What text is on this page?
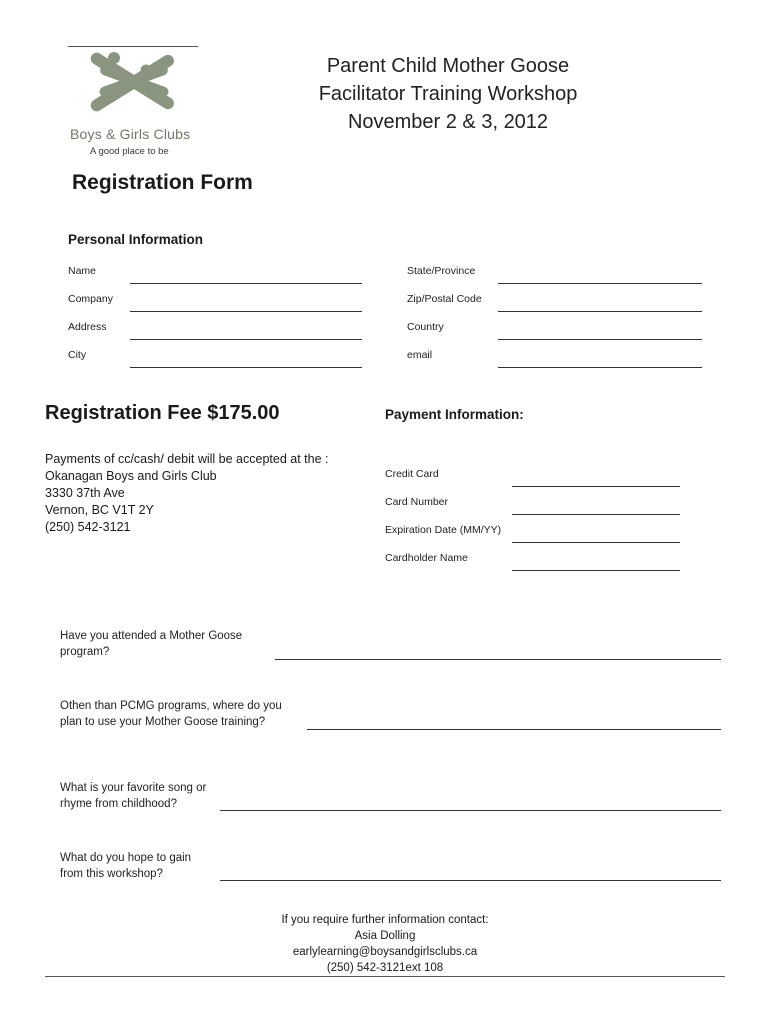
Boys & Girls Clubs
A good place to be
Parent Child Mother Goose
Facilitator Training Workshop
November 2 & 3, 2012
Registration Form
Personal Information
Name
Company
Address
City
State/Province
Zip/Postal Code
Country
email
Registration Fee $175.00
Payments of cc/cash/ debit will be accepted at the :
Okanagan Boys and Girls Club
3330 37th Ave
Vernon, BC V1T 2Y
(250) 542-3121
Payment Information:
Credit Card
Card Number
Expiration Date (MM/YY)
Cardholder Name
Have you attended a Mother Goose
program?
Othen than PCMG programs, where do you
plan to use your Mother Goose training?
What is your favorite song or
rhyme from childhood?
What do you hope to gain
from this workshop?
If you require further information contact:
Asia Dolling
earlylearning@boysandgirlsclubs.ca
(250) 542-3121ext 108
